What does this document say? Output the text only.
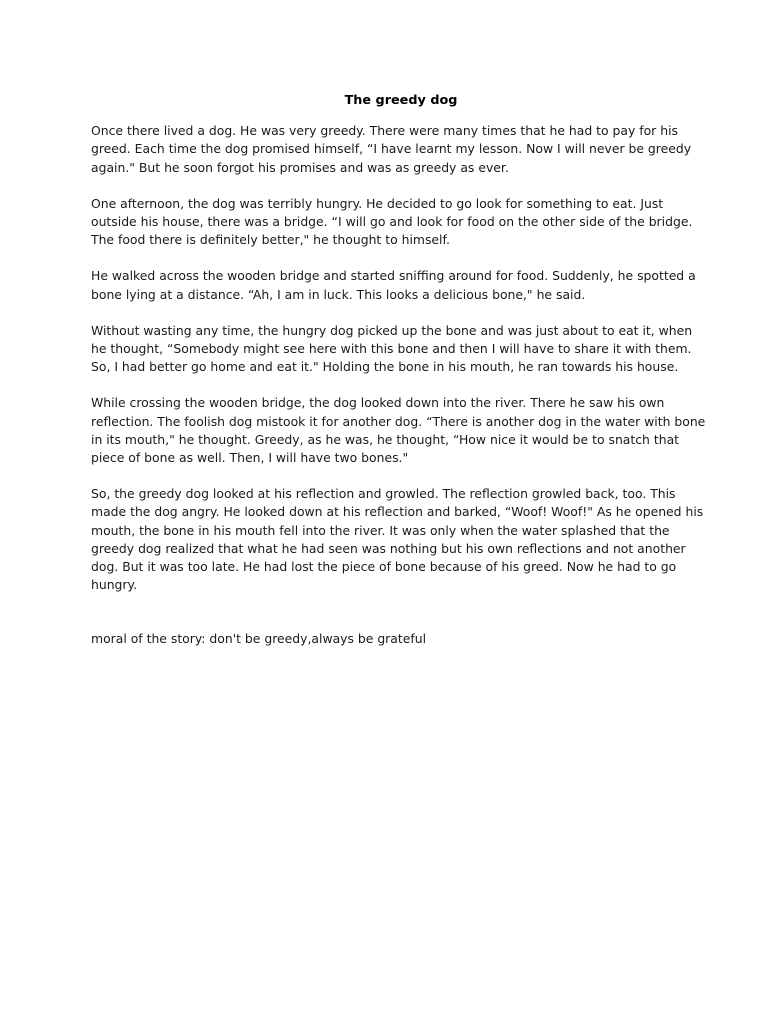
The greedy dog

Once there lived a dog. He was very greedy. There were many times that he had to pay for his greed. Each time the dog promised himself, “I have learnt my lesson. Now I will never be greedy again." But he soon forgot his promises and was as greedy as ever.

One afternoon, the dog was terribly hungry. He decided to go look for something to eat. Just outside his house, there was a bridge. “I will go and look for food on the other side of the bridge. The food there is definitely better," he thought to himself.

He walked across the wooden bridge and started sniffing around for food. Suddenly, he spotted a bone lying at a distance. “Ah, I am in luck. This looks a delicious bone," he said.

Without wasting any time, the hungry dog picked up the bone and was just about to eat it, when he thought, “Somebody might see here with this bone and then I will have to share it with them. So, I had better go home and eat it." Holding the bone in his mouth, he ran towards his house.

While crossing the wooden bridge, the dog looked down into the river. There he saw his own reflection. The foolish dog mistook it for another dog. “There is another dog in the water with bone in its mouth," he thought. Greedy, as he was, he thought, “How nice it would be to snatch that piece of bone as well. Then, I will have two bones."

So, the greedy dog looked at his reflection and growled. The reflection growled back, too. This made the dog angry. He looked down at his reflection and barked, “Woof! Woof!" As he opened his mouth, the bone in his mouth fell into the river. It was only when the water splashed that the greedy dog realized that what he had seen was nothing but his own reflections and not another dog. But it was too late. He had lost the piece of bone because of his greed. Now he had to go hungry.

moral of the story: don't be greedy,always be grateful
